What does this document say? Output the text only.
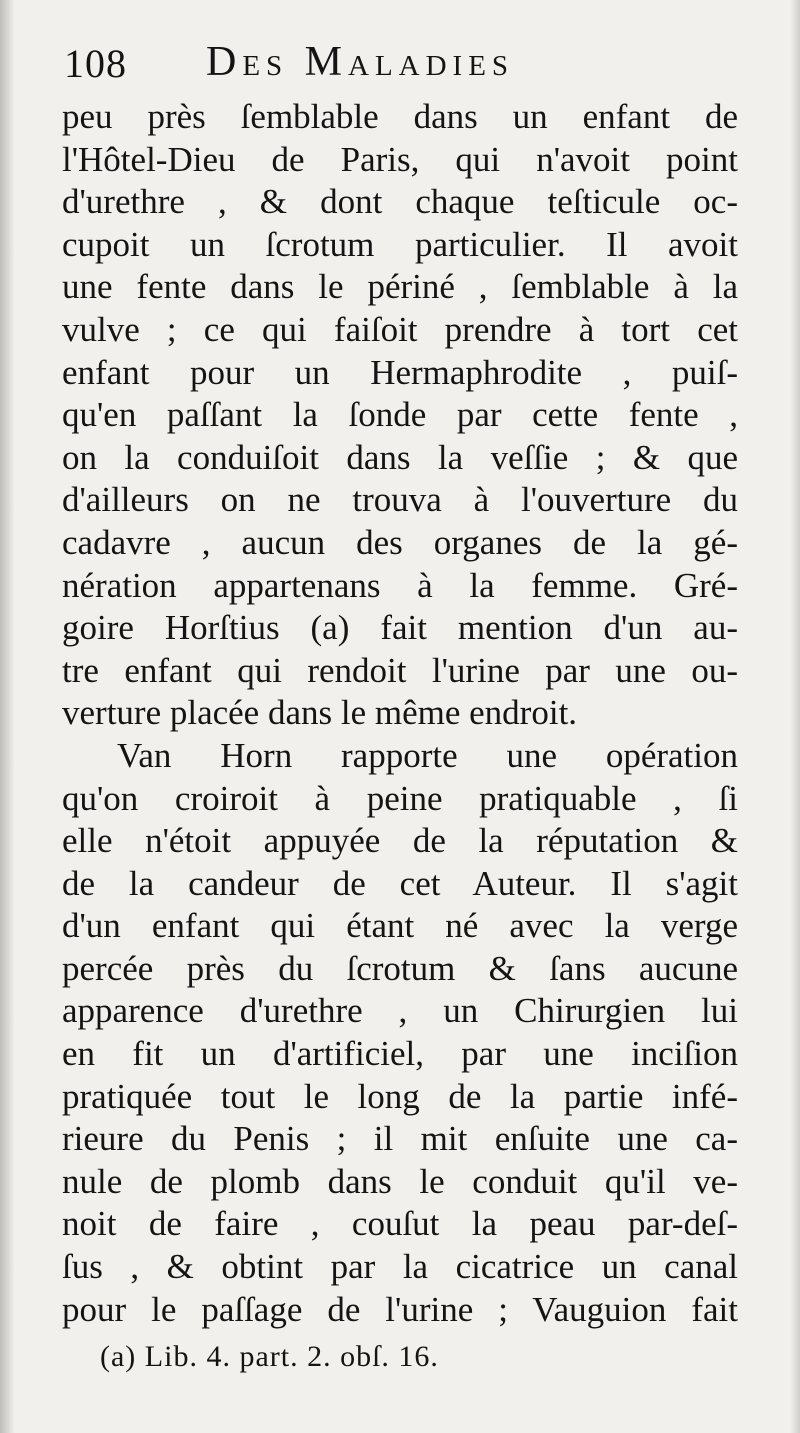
108 Des Maladies
peu près ſemblable dans un enfant de
l'Hôtel-Dieu de Paris, qui n'avoit point
d'urethre , & dont chaque teſticule oc-
cupoit un ſcrotum particulier. Il avoit
une fente dans le périné , ſemblable à la
vulve ; ce qui faiſoit prendre à tort cet
enfant pour un Hermaphrodite , puiſ-
qu'en paſſant la ſonde par cette fente ,
on la conduiſoit dans la veſſie ; & que
d'ailleurs on ne trouva à l'ouverture du
cadavre , aucun des organes de la gé-
nération appartenans à la femme. Gré-
goire Horſtius (a) fait mention d'un au-
tre enfant qui rendoit l'urine par une ou-
verture placée dans le même endroit.
Van Horn rapporte une opération
qu'on croiroit à peine pratiquable , ſi
elle n'étoit appuyée de la réputation &
de la candeur de cet Auteur. Il s'agit
d'un enfant qui étant né avec la verge
percée près du ſcrotum & ſans aucune
apparence d'urethre , un Chirurgien lui
en fit un d'artificiel, par une inciſion
pratiquée tout le long de la partie infé-
rieure du Penis ; il mit enſuite une ca-
nule de plomb dans le conduit qu'il ve-
noit de faire , couſut la peau par-deſ-
ſus , & obtint par la cicatrice un canal
pour le paſſage de l'urine ; Vauguion fait
(a) Lib. 4. part. 2. obſ. 16.
